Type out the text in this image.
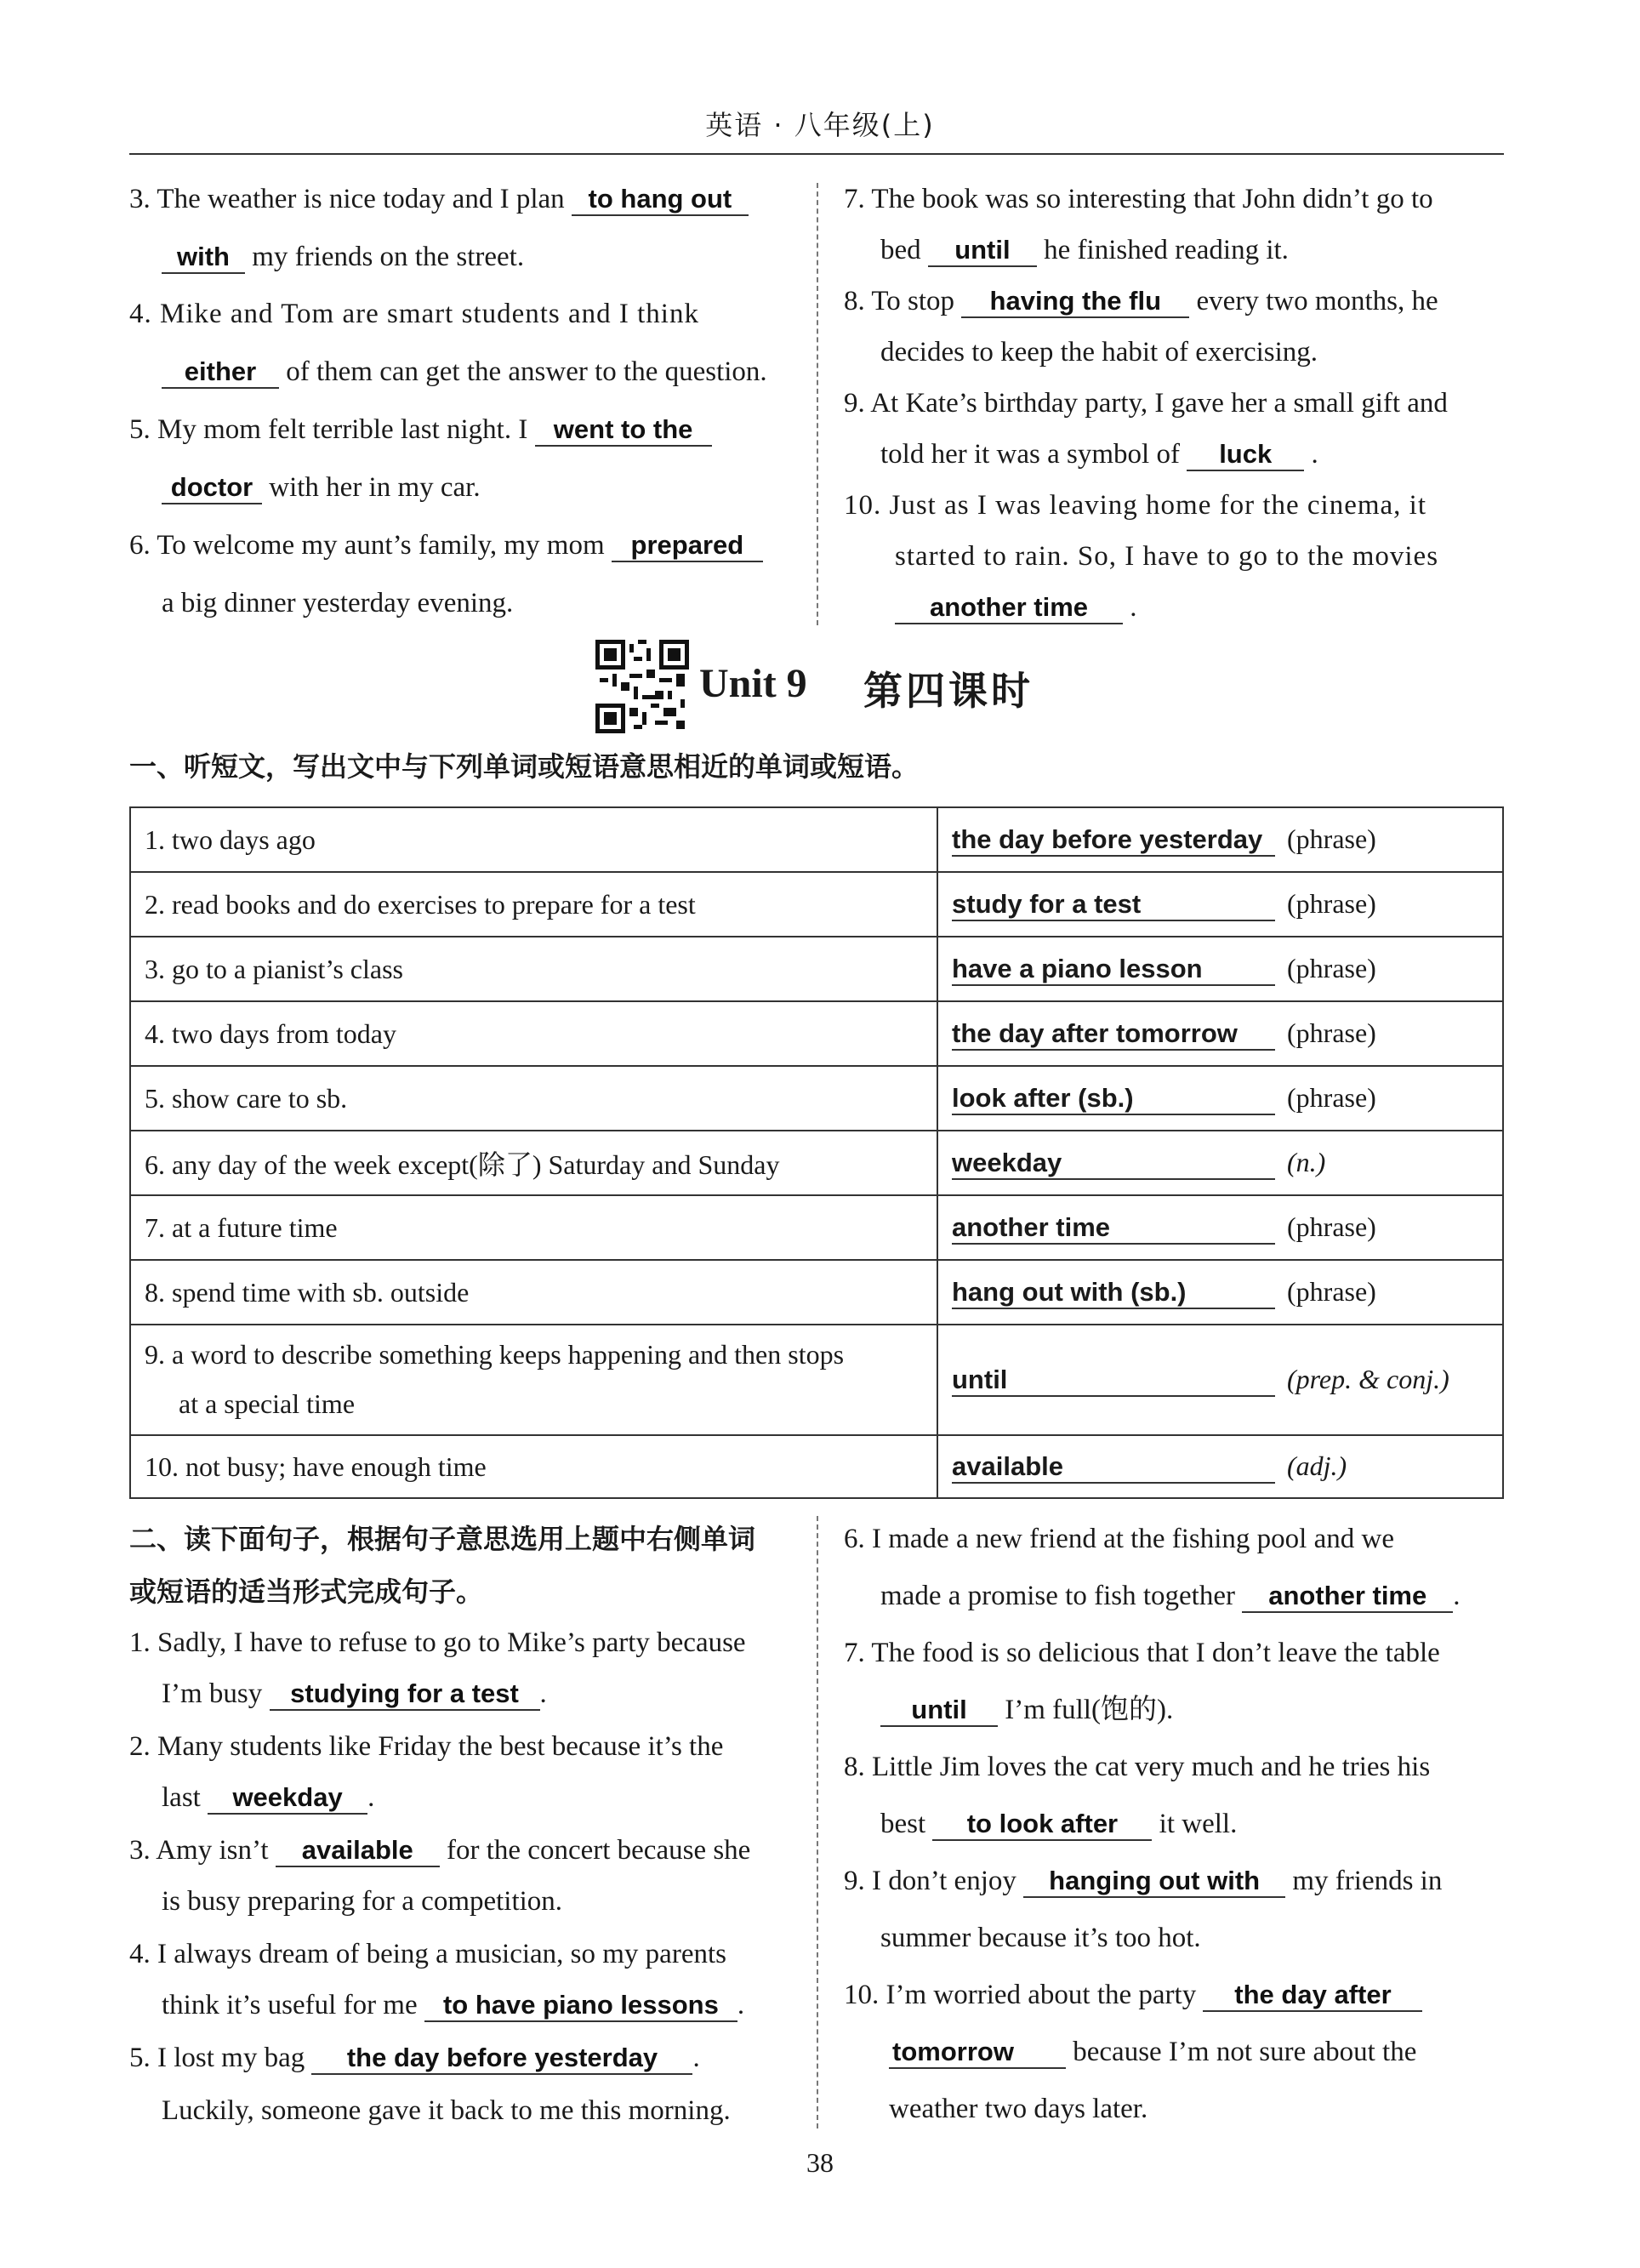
英语 · 八年级(上)
3. The weather is nice today and I plan to hang out
with my friends on the street.
4. Mike and Tom are smart students and I think
either of them can get the answer to the question.
5. My mom felt terrible last night. I went to the
doctor with her in my car.
6. To welcome my aunt’s family, my mom prepared
a big dinner yesterday evening.
7. The book was so interesting that John didn’t go to
bed until he finished reading it.
8. To stop having the flu every two months, he
decides to keep the habit of exercising.
9. At Kate’s birthday party, I gave her a small gift and
told her it was a symbol of luck .
10. Just as I was leaving home for the cinema, it
started to rain. So, I have to go to the movies
another time .
Unit 9 第四课时
一、听短文，写出文中与下列单词或短语意思相近的单词或短语。
1. two days ago	the day before yesterday (phrase)
2. read books and do exercises to prepare for a test	study for a test (phrase)
3. go to a pianist’s class	have a piano lesson (phrase)
4. two days from today	the day after tomorrow (phrase)
5. show care to sb.	look after (sb.) (phrase)
6. any day of the week except(除了) Saturday and Sunday	weekday (n.)
7. at a future time	another time (phrase)
8. spend time with sb. outside	hang out with (sb.) (phrase)

9. a word to describe something keeps happening and then stops
at a special time	until (prep. & conj.)
10. not busy; have enough time	available (adj.)
二、读下面句子，根据句子意思选用上题中右侧单词
或短语的适当形式完成句子。
1. Sadly, I have to refuse to go to Mike’s party because
I’m busy studying for a test .
2. Many students like Friday the best because it’s the
last weekday .
3. Amy isn’t available for the concert because she
is busy preparing for a competition.
4. I always dream of being a musician, so my parents
think it’s useful for me to have piano lessons .
5. I lost my bag the day before yesterday .
Luckily, someone gave it back to me this morning.
6. I made a new friend at the fishing pool and we
made a promise to fish together another time .
7. The food is so delicious that I don’t leave the table
until I’m full(饱的).
8. Little Jim loves the cat very much and he tries his
best to look after it well.
9. I don’t enjoy hanging out with my friends in
summer because it’s too hot.
10. I’m worried about the party the day after
tomorrow because I’m not sure about the
weather two days later.
38
